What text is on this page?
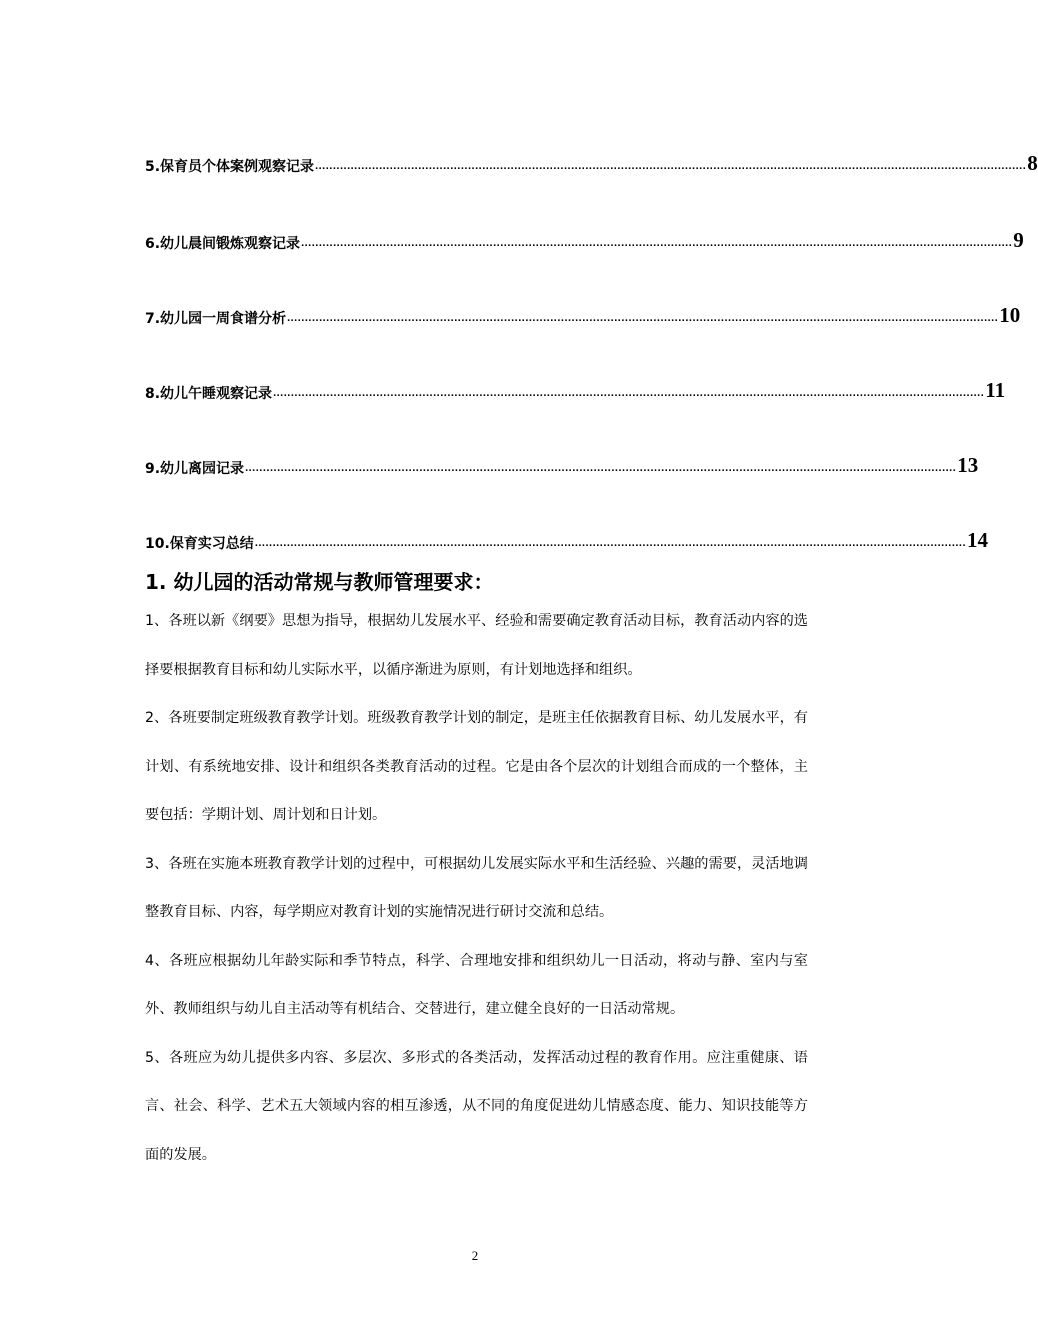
5.保育员个体案例观察记录 ........................................................................................................................................................................................................ 8
6.幼儿晨间锻炼观察记录 ........................................................................................................................................................................................................ 9
7.幼儿园一周食谱分析 ........................................................................................................................................................................................................ 10
8.幼儿午睡观察记录 ........................................................................................................................................................................................................ 11
9.幼儿离园记录 ........................................................................................................................................................................................................ 13
10.保育实习总结 ........................................................................................................................................................................................................ 14
1. 幼儿园的活动常规与教师管理要求：

1、各班以新《纲要》思想为指导，根据幼儿发展水平、经验和需要确定教育活动目标，教育活动内容的选择要根据教育目标和幼儿实际水平，以循序渐进为原则，有计划地选择和组织。

2、各班要制定班级教育教学计划。班级教育教学计划的制定，是班主任依据教育目标、幼儿发展水平，有计划、有系统地安排、设计和组织各类教育活动的过程。它是由各个层次的计划组合而成的一个整体，主要包括：学期计划、周计划和日计划。

3、各班在实施本班教育教学计划的过程中，可根据幼儿发展实际水平和生活经验、兴趣的需要，灵活地调整教育目标、内容，每学期应对教育计划的实施情况进行研讨交流和总结。

4、各班应根据幼儿年龄实际和季节特点，科学、合理地安排和组织幼儿一日活动，将动与静、室内与室外、教师组织与幼儿自主活动等有机结合、交替进行，建立健全良好的一日活动常规。

5、各班应为幼儿提供多内容、多层次、多形式的各类活动，发挥活动过程的教育作用。应注重健康、语言、社会、科学、艺术五大领域内容的相互渗透，从不同的角度促进幼儿情感态度、能力、知识技能等方面的发展。

2
